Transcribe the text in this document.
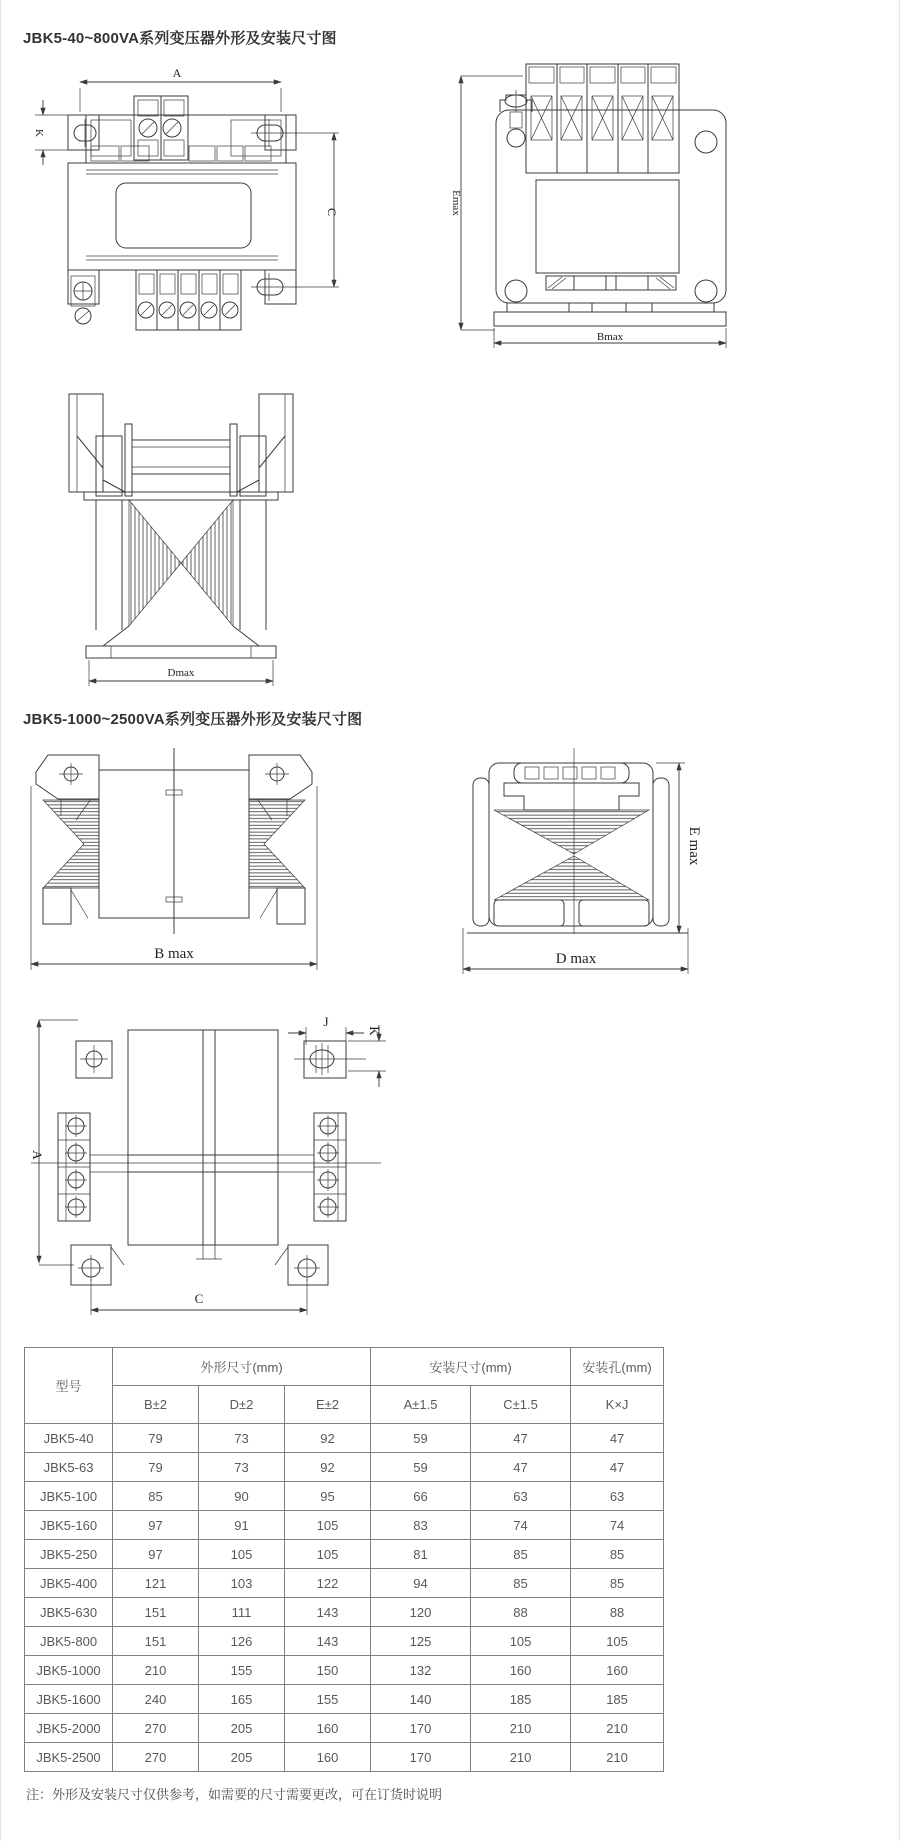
JBK5-40~800VA系列变压器外形及安装尺寸图
A
K
C	Emax
Bmax
Dmax
JBK5-1000~2500VA系列变压器外形及安装尺寸图
B max	D max
E max
J
K
A
C
型号	外形尺寸(mm)			安装尺寸(mm)		安装孔(mm)
	B±2	D±2	E±2	A±1.5	C±1.5	K×J
JBK5-40	79	73	92	59	47	47
JBK5-63	79	73	92	59	47	47
JBK5-100	85	90	95	66	63	63
JBK5-160	97	91	105	83	74	74
JBK5-250	97	105	105	81	85	85
JBK5-400	121	103	122	94	85	85
JBK5-630	151	111	143	120	88	88
JBK5-800	151	126	143	125	105	105
JBK5-1000	210	155	150	132	160	160
JBK5-1600	240	165	155	140	185	185
JBK5-2000	270	205	160	170	210	210
JBK5-2500	270	205	160	170	210	210
注：外形及安装尺寸仅供参考，如需要的尺寸需要更改，可在订货时说明
